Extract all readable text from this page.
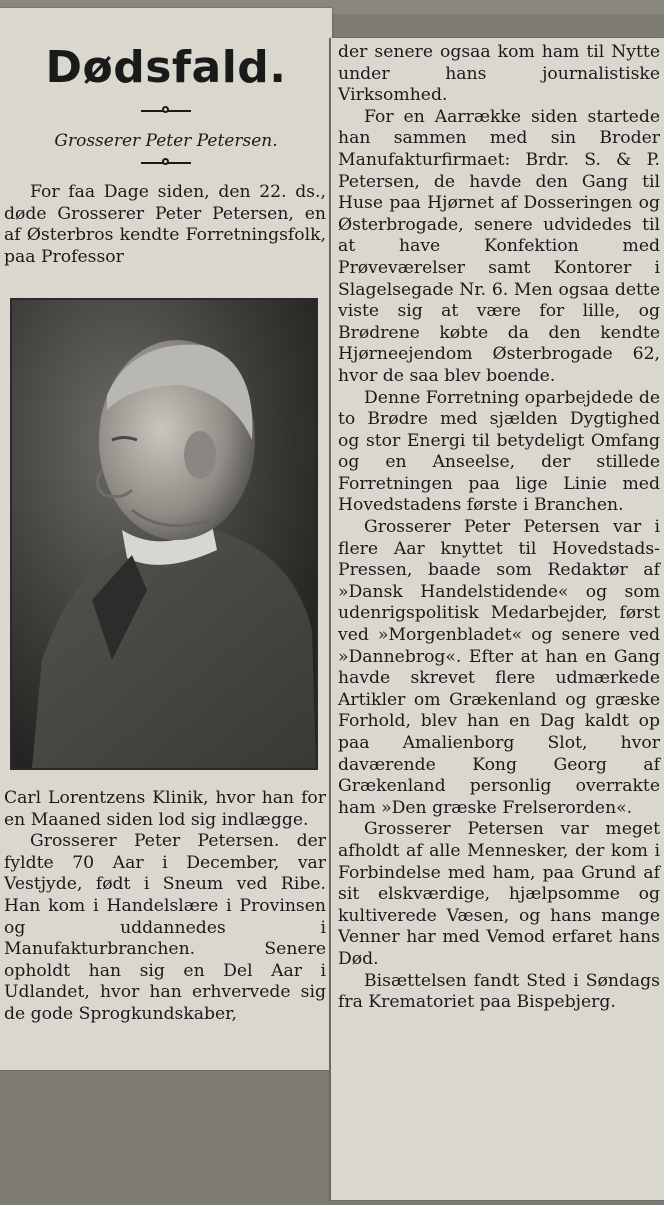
Dødsfald.
Grosserer Peter Petersen.

For faa Dage siden, den 22. ds., døde Grosserer Peter Petersen, en af Østerbros kendte Forretningsfolk, paa Professor

Carl Lorentzens Klinik, hvor han for en Maaned siden lod sig indlægge.

Grosserer Peter Petersen. der fyldte 70 Aar i December, var Vestjyde, født i Sneum ved Ribe. Han kom i Handelslære i Provinsen og uddannedes i Manufakturbranchen. Senere opholdt han sig en Del Aar i Udlandet, hvor han erhvervede sig de gode Sprogkundskaber,

der senere ogsaa kom ham til Nytte under hans journalistiske Virksomhed.

For en Aarrække siden startede han sammen med sin Broder Manufakturfirmaet: Brdr. S. & P. Petersen, de havde den Gang til Huse paa Hjørnet af Dosseringen og Østerbrogade, senere udvidedes til at have Konfektion med Prøveværelser samt Kontorer i Slagelsegade Nr. 6. Men ogsaa dette viste sig at være for lille, og Brødrene købte da den kendte Hjørneejendom Østerbrogade 62, hvor de saa blev boende.

Denne Forretning oparbejdede de to Brødre med sjælden Dygtighed og stor Energi til betydeligt Omfang og en Anseelse, der stillede Forretningen paa lige Linie med Hovedstadens første i Branchen.

Grosserer Peter Petersen var i flere Aar knyttet til Hovedstads-Pressen, baade som Redaktør af »Dansk Handelstidende« og som udenrigspolitisk Medarbejder, først ved »Morgenbladet« og senere ved »Dannebrog«. Efter at han en Gang havde skrevet flere udmærkede Artikler om Grækenland og græske Forhold, blev han en Dag kaldt op paa Amalienborg Slot, hvor daværende Kong Georg af Grækenland personlig overrakte ham »Den græske Frelserorden«.

Grosserer Petersen var meget afholdt af alle Mennesker, der kom i Forbindelse med ham, paa Grund af sit elskværdige, hjælpsomme og kultiverede Væsen, og hans mange Venner har med Vemod erfaret hans Død.

Bisættelsen fandt Sted i Søndags fra Krematoriet paa Bispebjerg.
